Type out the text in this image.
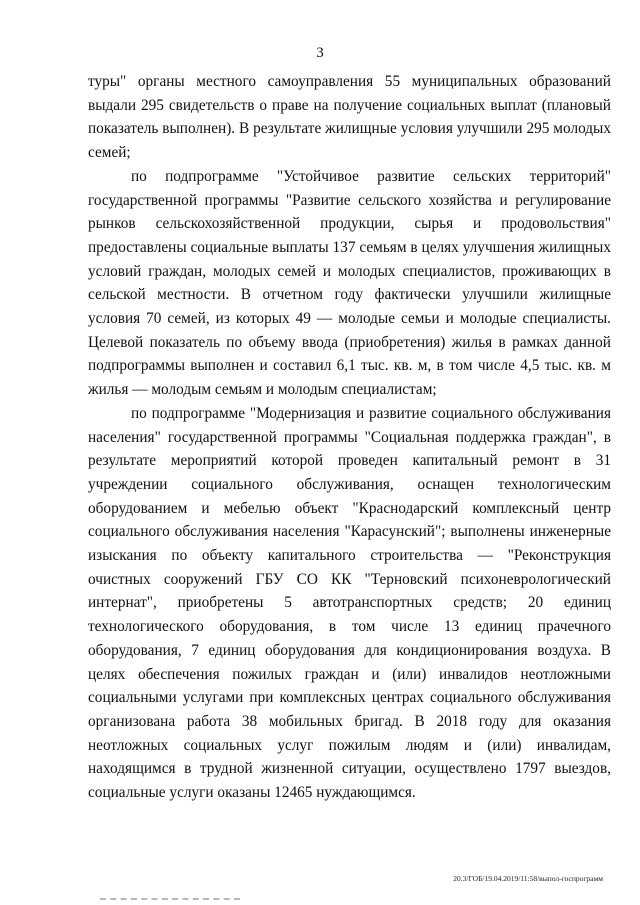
3

туры" органы местного самоуправления 55 муниципальных образований выдали 295 свидетельств о праве на получение социальных выплат (плановый показатель выполнен). В результате жилищные условия улучшили 295 молодых семей;

по подпрограмме "Устойчивое развитие сельских территорий" государственной программы "Развитие сельского хозяйства и регулирование рынков сельскохозяйственной продукции, сырья и продовольствия" предоставлены социальные выплаты 137 семьям в целях улучшения жилищных условий граждан, молодых семей и молодых специалистов, проживающих в сельской местности. В отчетном году фактически улучшили жилищные условия 70 семей, из которых 49 — молодые семьи и молодые специалисты. Целевой показатель по объему ввода (приобретения) жилья в рамках данной подпрограммы выполнен и составил 6,1 тыс. кв. м, в том числе 4,5 тыс. кв. м жилья — молодым семьям и молодым специалистам;

по подпрограмме "Модернизация и развитие социального обслуживания населения" государственной программы "Социальная поддержка граждан", в результате мероприятий которой проведен капитальный ремонт в 31 учреждении социального обслуживания, оснащен технологическим оборудованием и мебелью объект "Краснодарский комплексный центр социального обслуживания населения "Карасунский"; выполнены инженерные изыскания по объекту капитального строительства — "Реконструкция очистных сооружений ГБУ СО КК "Терновский психоневрологический интернат", приобретены 5 автотранспортных средств; 20 единиц технологического оборудования, в том числе 13 единиц прачечного оборудования, 7 единиц оборудования для кондиционирования воздуха. В целях обеспечения пожилых граждан и (или) инвалидов неотложными социальными услугами при комплексных центрах социального обслуживания организована работа 38 мобильных бригад. В 2018 году для оказания неотложных социальных услуг пожилым людям и (или) инвалидам, находящимся в трудной жизненной ситуации, осуществлено 1797 выездов, социальные услуги оказаны 12465 нуждающимся.

20.3/ГОБ/19.04.2019/11:58/выпол-госпрограмм
